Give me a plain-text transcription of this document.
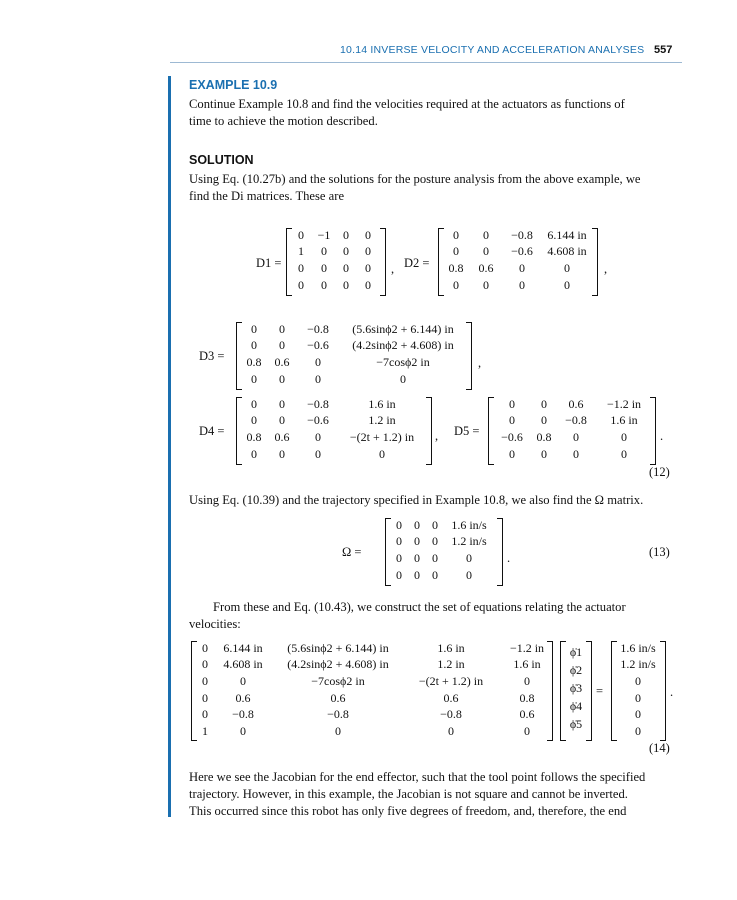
10.14 INVERSE VELOCITY AND ACCELERATION ANALYSES 557
EXAMPLE 10.9
Continue Example 10.8 and find the velocities required at the actuators as functions of
time to achieve the motion described.
SOLUTION
Using Eq. (10.27b) and the solutions for the posture analysis from the above example, we
find the Di matrices. These are
D1 =
0 −1 0 0
1 0 0 0
0 0 0 0
0 0 0 0
, D2 =
0 0 −0.8 6.144 in
0 0 −0.6 4.608 in
0.8 0.6 0	0
0 0	0	0
,
D3 =
0 0 −0.8 (5.6sinϕ2 + 6.144) in
0 0 −0.6 (4.2sinϕ2 + 4.608) in
0.8 0.6 0	−7cosϕ2 in
0 0	0	0
,
D4 =
0 0 −0.8	1.6 in
0 0 −0.6	1.2 in
0.8 0.6 0 −(2t + 1.2) in
0 0	0	0
, D5 =
0 0 0.6 −1.2 in
0 0 −0.8 1.6 in
−0.6 0.8 0	0
0 0 0	0
.
(12)
Using Eq. (10.39) and the trajectory specified in Example 10.8, we also find the Ω matrix.
Ω =
0 0 0 1.6 in/s
0 0 0 1.2 in/s
0 0 0 0
0 0 0 0
.	(13)
From these and Eq. (10.43), we construct the set of equations relating the actuator
velocities:
0 6.144 in (5.6sinϕ2 + 6.144) in	1.6 in	−1.2 in
0 4.608 in (4.2sinϕ2 + 4.608) in	1.2 in	1.6 in
0	0	−7cosϕ2 in	−(2t + 1.2) in	0
0 0.6	0.6	0.6	0.8
0 −0.8	−0.8	−0.8	0.6
1	0	0	0	0
ϕ̇1
ϕ̇2
ϕ̇3
ϕ̇4
ϕ̇5
=
1.6 in/s
1.2 in/s
0
0
0
0
.
(14)
Here we see the Jacobian for the end effector, such that the tool point follows the specified
trajectory. However, in this example, the Jacobian is not square and cannot be inverted.
This occurred since this robot has only five degrees of freedom, and, therefore, the end
